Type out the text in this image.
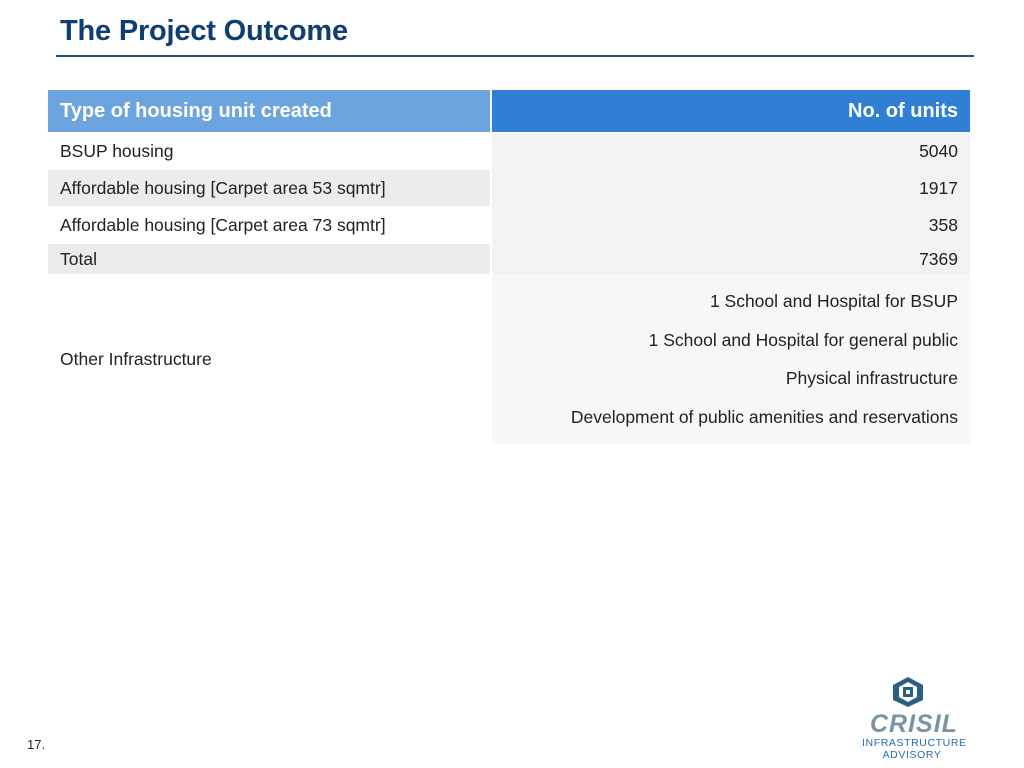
The Project Outcome
Type of housing unit created	No. of units
BSUP housing	5040
Affordable housing [Carpet area 53 sqmtr]	1917
Affordable housing [Carpet area 73 sqmtr]	358
Total	7369
Other Infrastructure	1 School and Hospital for BSUP
1 School and Hospital for general public
Physical infrastructure
Development of public amenities and reservations
17.
CRISIL
INFRASTRUCTURE
ADVISORY
